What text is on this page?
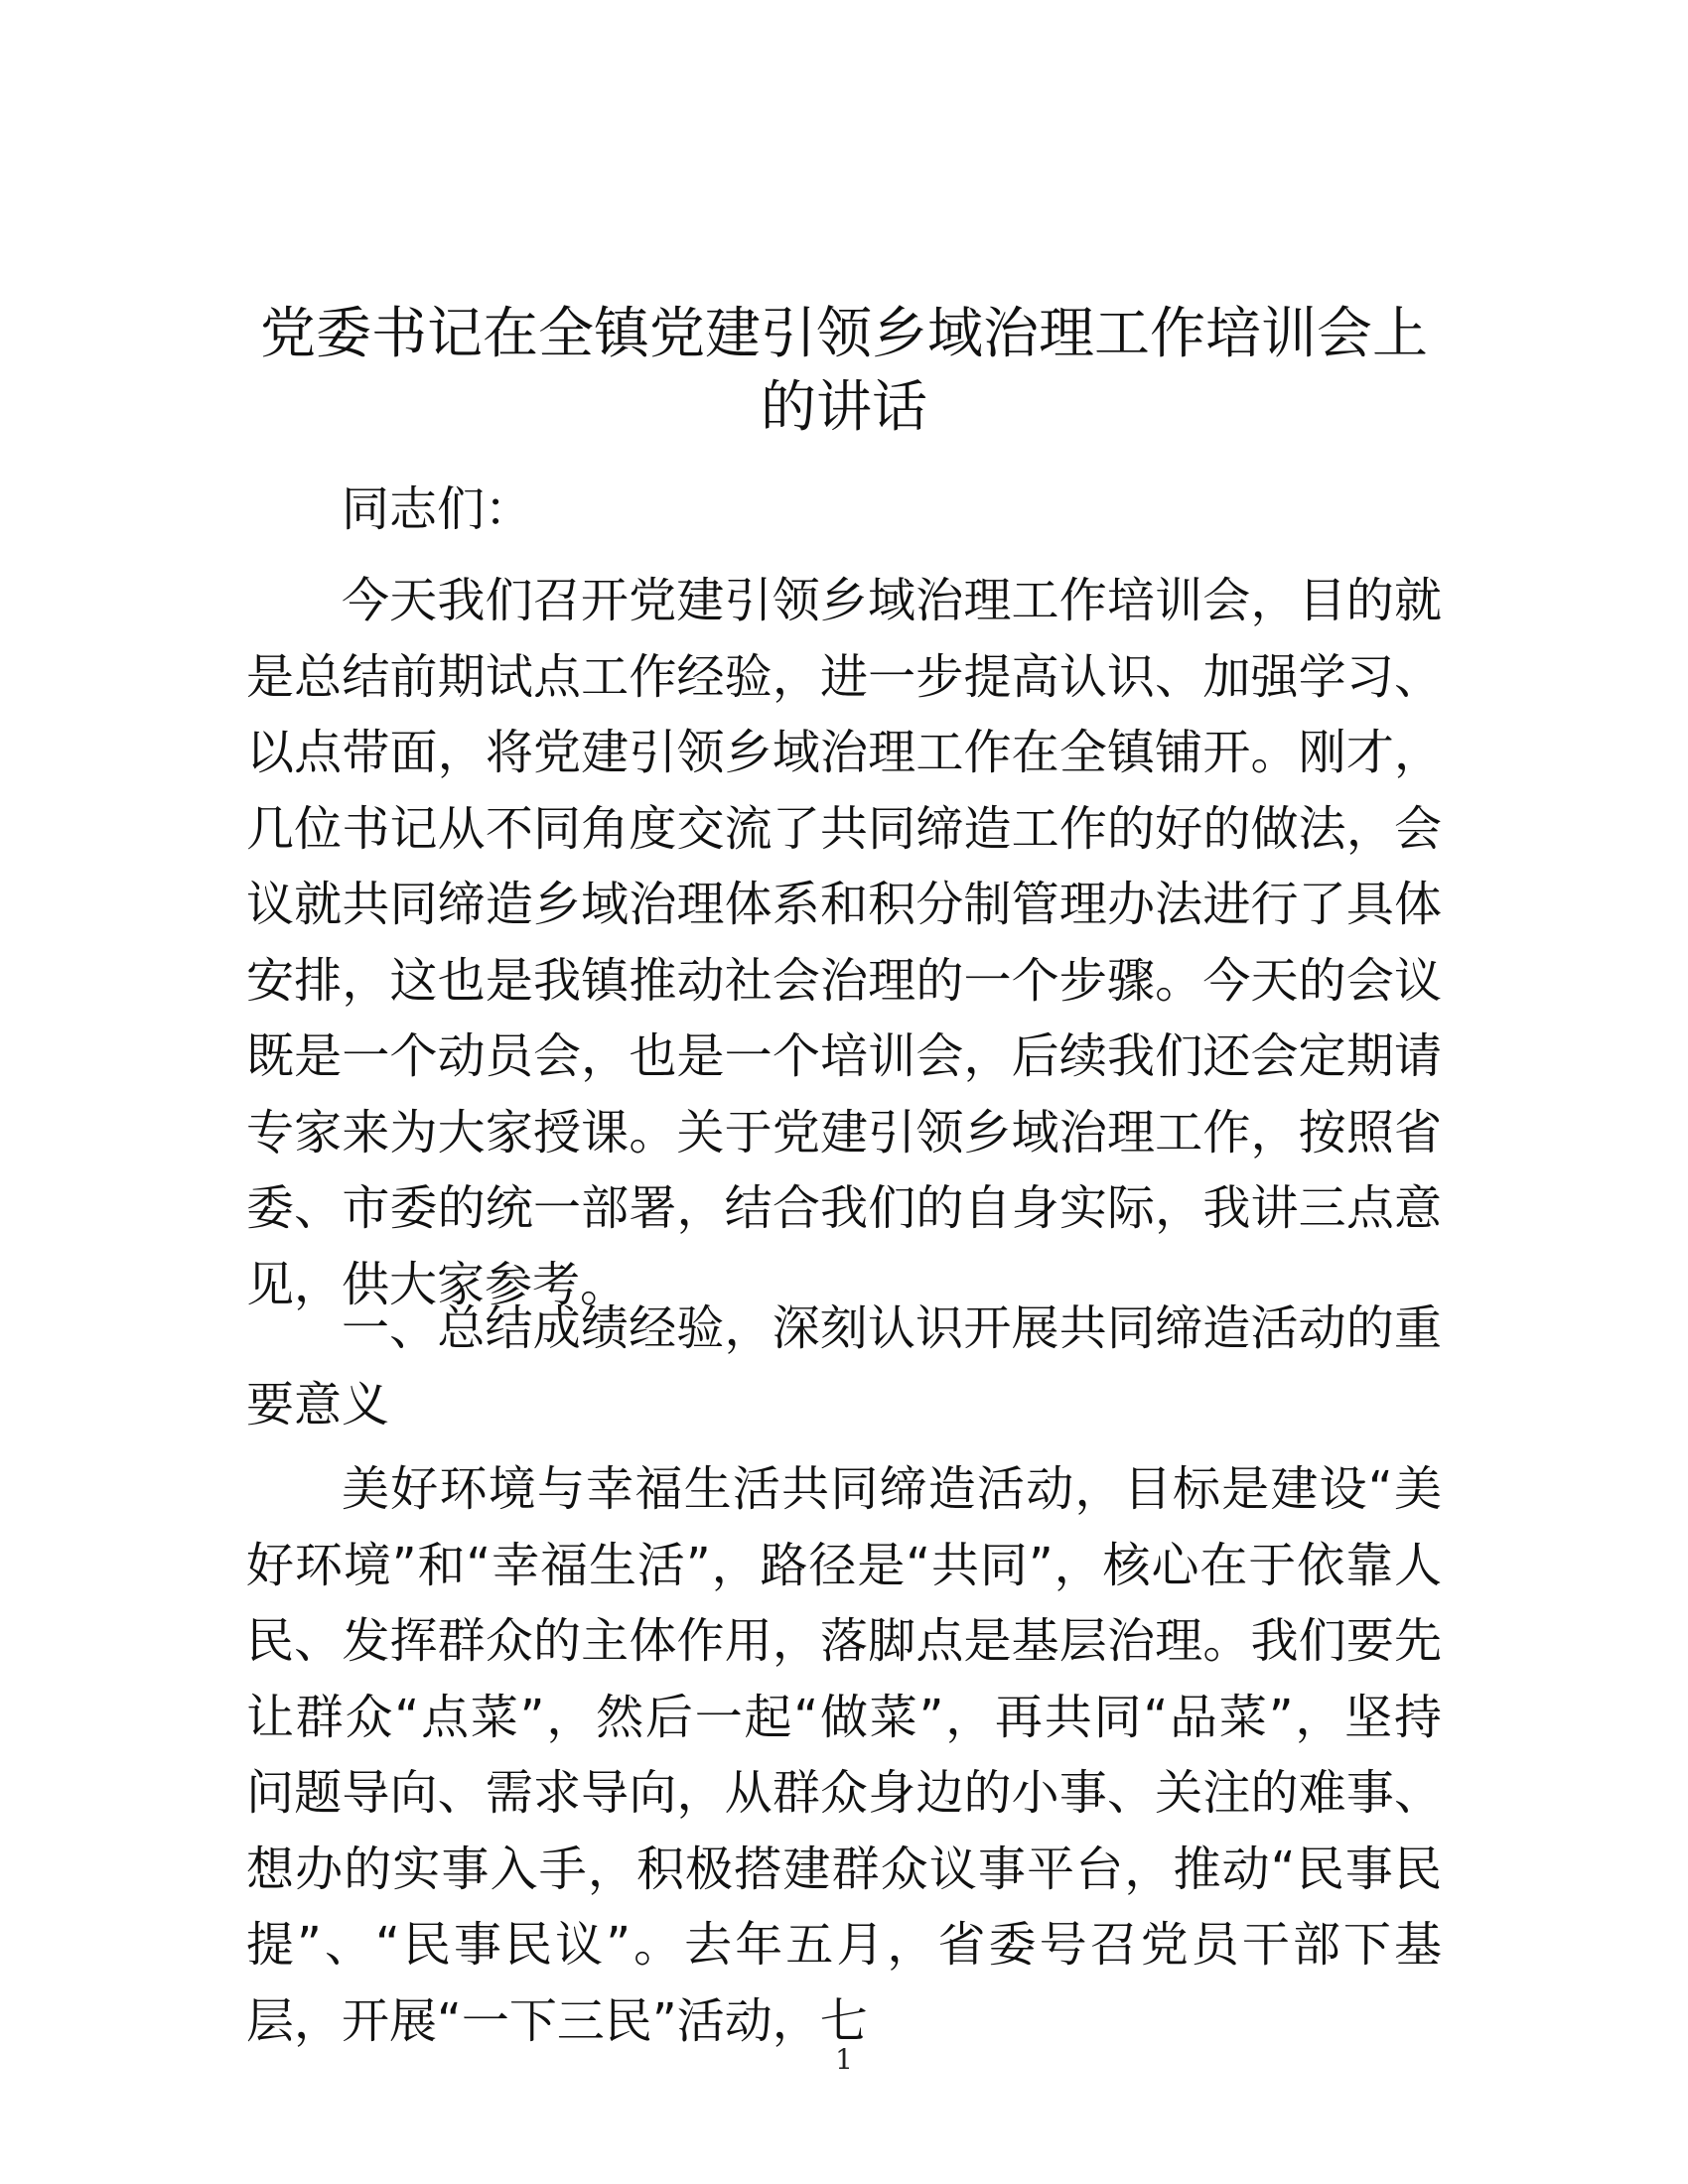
党委书记在全镇党建引领乡域治理工作培训会上的讲话

同志们：

今天我们召开党建引领乡域治理工作培训会，目的就是总结前期试点工作经验，进一步提高认识、加强学习、以点带面，将党建引领乡域治理工作在全镇铺开。刚才，几位书记从不同角度交流了共同缔造工作的好的做法，会议就共同缔造乡域治理体系和积分制管理办法进行了具体安排，这也是我镇推动社会治理的一个步骤。今天的会议既是一个动员会，也是一个培训会，后续我们还会定期请专家来为大家授课。关于党建引领乡域治理工作，按照省委、市委的统一部署，结合我们的自身实际，我讲三点意见，供大家参考。

一、总结成绩经验，深刻认识开展共同缔造活动的重要意义

美好环境与幸福生活共同缔造活动，目标是建设“美好环境”和“幸福生活”，路径是“共同”，核心在于依靠人民、发挥群众的主体作用，落脚点是基层治理。我们要先让群众“点菜”，然后一起“做菜”，再共同“品菜”，坚持问题导向、需求导向，从群众身边的小事、关注的难事、想办的实事入手，积极搭建群众议事平台，推动“民事民提”、“民事民议”。去年五月，省委号召党员干部下基层，开展“一下三民”活动，七

1
